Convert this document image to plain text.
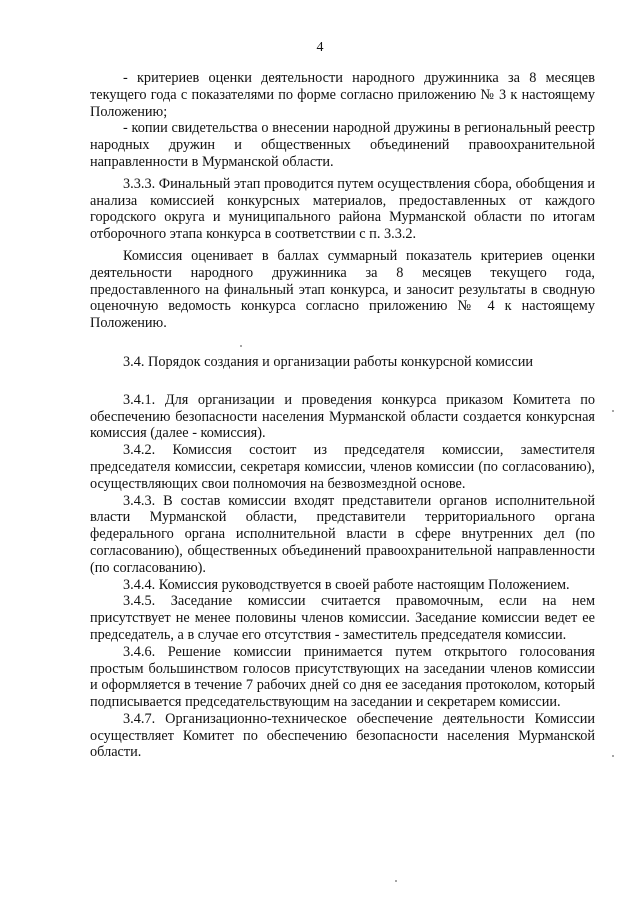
4

- критериев оценки деятельности народного дружинника за 8 месяцев текущего года с показателями по форме согласно приложению № 3 к настоящему Положению;

- копии свидетельства о внесении народной дружины в региональный реестр народных дружин и общественных объединений правоохранительной направленности в Мурманской области.

3.3.3. Финальный этап проводится путем осуществления сбора, обобщения и анализа комиссией конкурсных материалов, предоставленных от каждого городского округа и муниципального района Мурманской области по итогам отборочного этапа конкурса в соответствии с п. 3.3.2.

Комиссия оценивает в баллах суммарный показатель критериев оценки деятельности народного дружинника за 8 месяцев текущего года, предоставленного на финальный этап конкурса, и заносит результаты в сводную оценочную ведомость конкурса согласно приложению № 4 к настоящему Положению.

3.4. Порядок создания и организации работы конкурсной комиссии

3.4.1. Для организации и проведения конкурса приказом Комитета по обеспечению безопасности населения Мурманской области создается конкурсная комиссия (далее - комиссия).

3.4.2. Комиссия состоит из председателя комиссии, заместителя председателя комиссии, секретаря комиссии, членов комиссии (по согласованию), осуществляющих свои полномочия на безвозмездной основе.

3.4.3. В состав комиссии входят представители органов исполнительной власти Мурманской области, представители территориального органа федерального органа исполнительной власти в сфере внутренних дел (по согласованию), общественных объединений правоохранительной направленности (по согласованию).

3.4.4. Комиссия руководствуется в своей работе настоящим Положением.

3.4.5. Заседание комиссии считается правомочным, если на нем присутствует не менее половины членов комиссии. Заседание комиссии ведет ее председатель, а в случае его отсутствия - заместитель председателя комиссии.

3.4.6. Решение комиссии принимается путем открытого голосования простым большинством голосов присутствующих на заседании членов комиссии и оформляется в течение 7 рабочих дней со дня ее заседания протоколом, который подписывается председательствующим на заседании и секретарем комиссии.

3.4.7. Организационно-техническое обеспечение деятельности Комиссии осуществляет Комитет по обеспечению безопасности населения Мурманской области.
